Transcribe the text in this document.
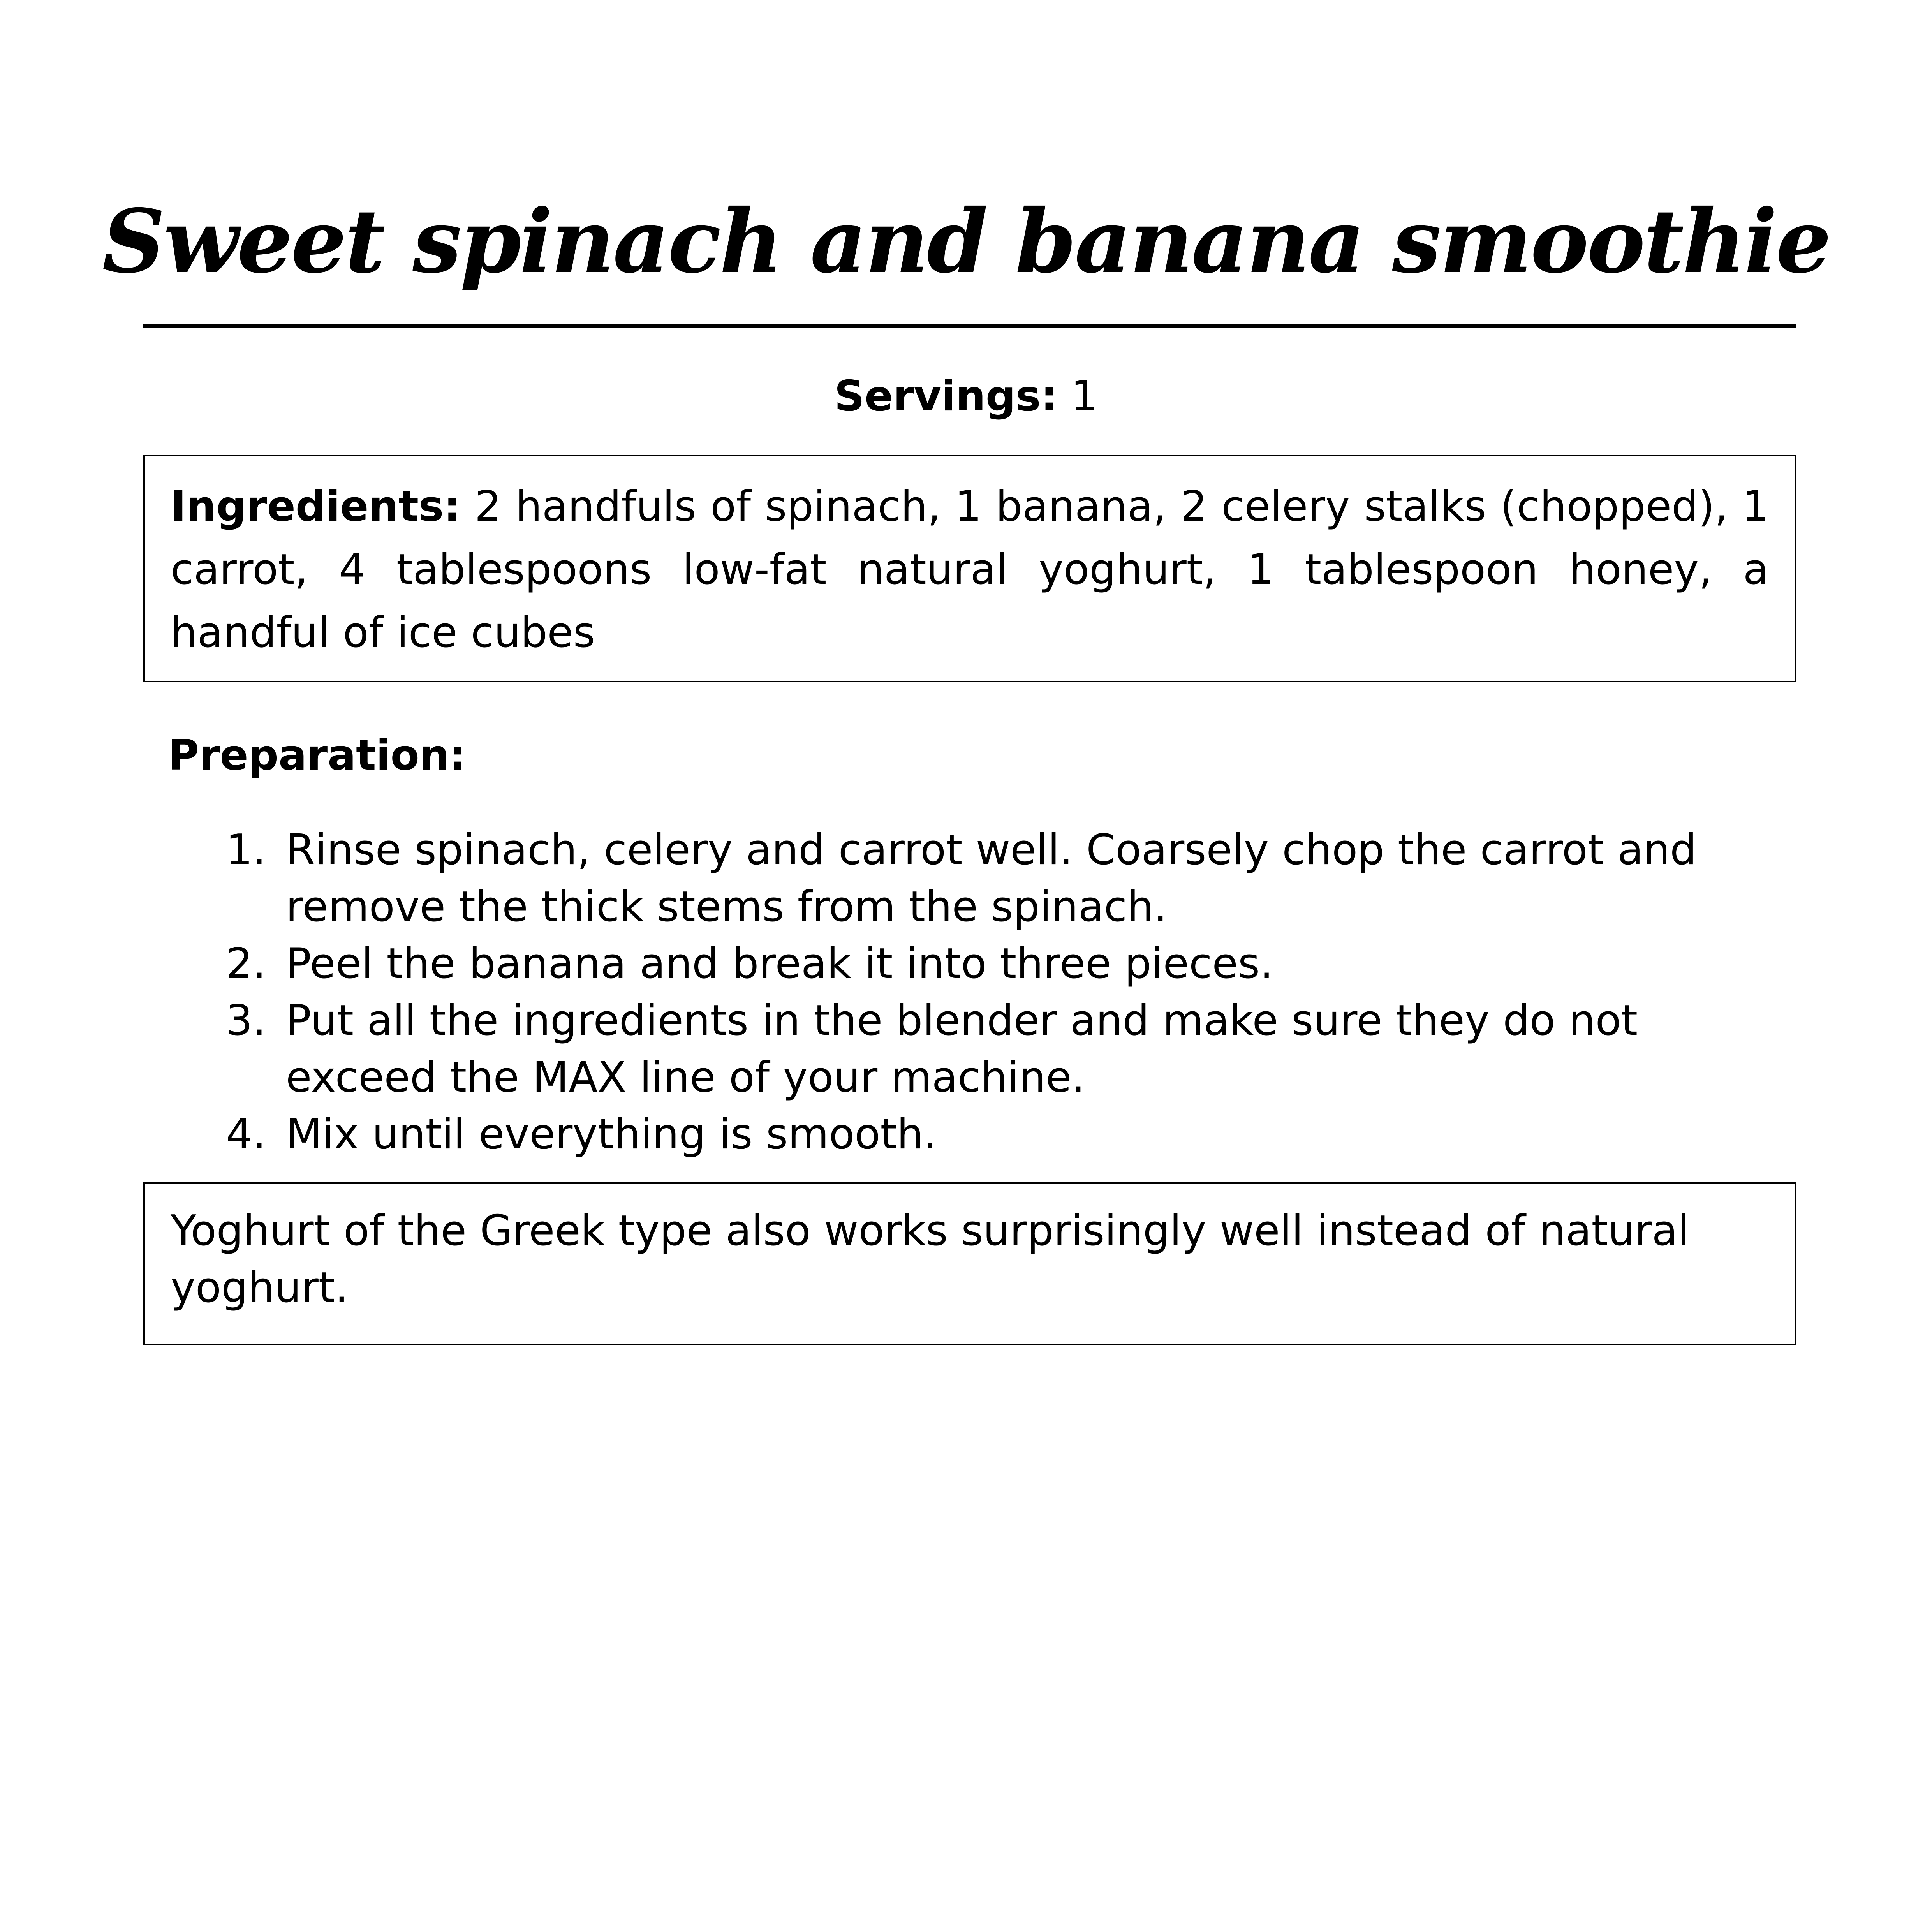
Sweet spinach and banana smoothie
Servings: 1
Ingredients: 2 handfuls of spinach, 1 banana, 2 celery stalks (chopped), 1 carrot, 4 tablespoons low-fat natural yoghurt, 1 tablespoon honey, a handful of ice cubes
Preparation:
1. Rinse spinach, celery and carrot well. Coarsely chop the carrot and remove the thick stems from the spinach.
2. Peel the banana and break it into three pieces.
3. Put all the ingredients in the blender and make sure they do not exceed the MAX line of your machine.
4. Mix until everything is smooth.
Yoghurt of the Greek type also works surprisingly well instead of natural yoghurt.
